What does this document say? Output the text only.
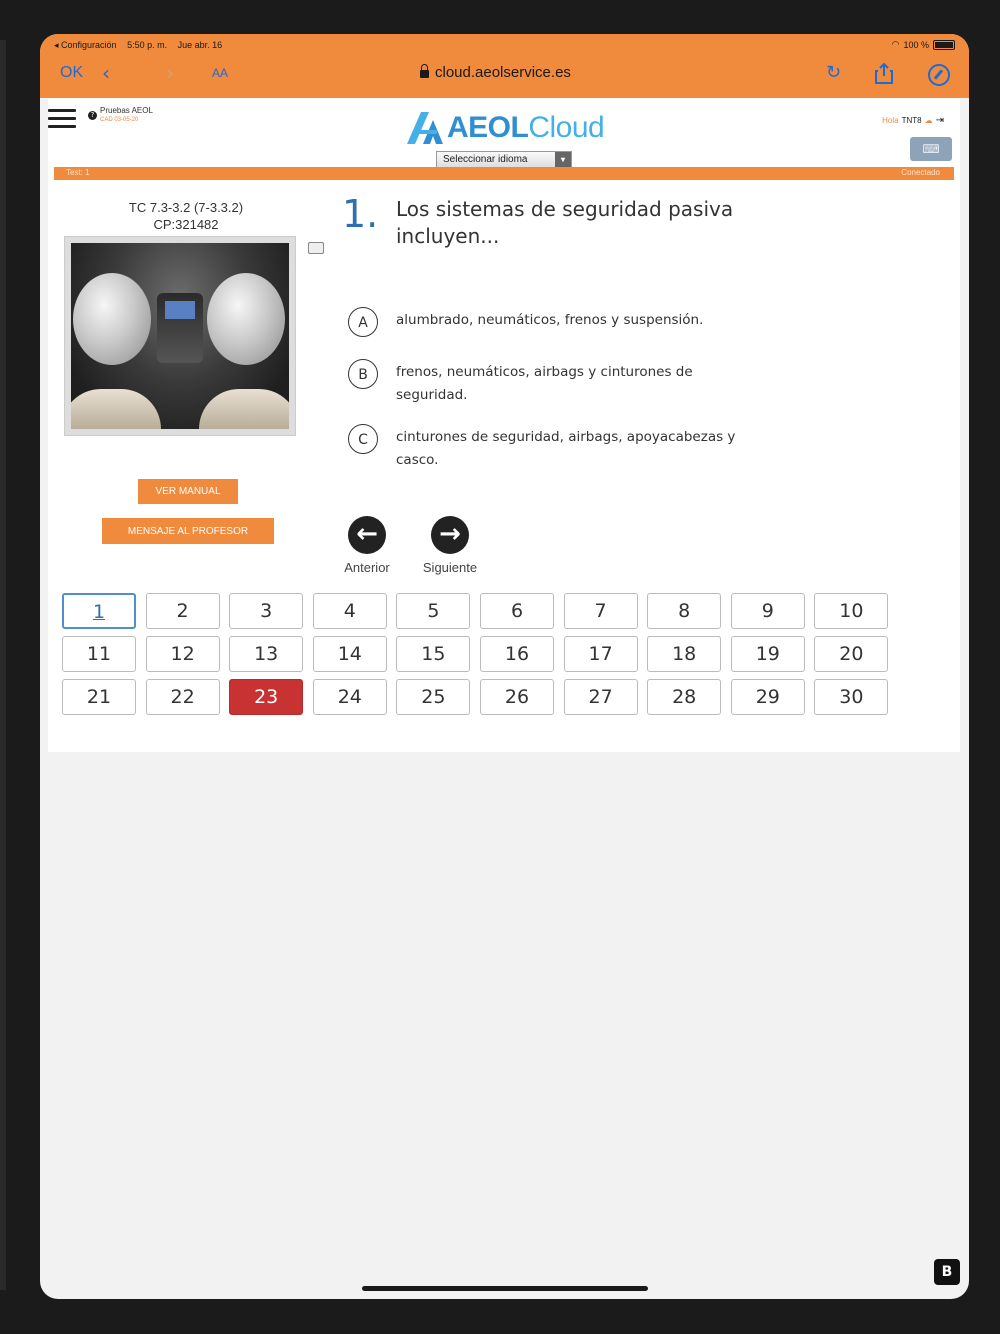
◂ Configuración 5:50 p. m. Jue abr. 16	◠ 100 %
OK ‹	›	AA	cloud.aeolservice.es	↻
? Pruebas AEOL
CAD 03-05-20	AEOL Cloud
Seleccionar idioma	▾
Hola TNT8 ☁ ⇥
⌨
Test: 1	Conectado
TC 7.3-3.2 (7-3.3.2)
CP:321482
VER MANUAL
MENSAJE AL PROFESOR
1. Los sistemas de seguridad pasiva incluyen...
A	alumbrado, neumáticos, frenos y suspensión.
B	frenos, neumáticos, airbags y cinturones de seguridad.
C	cinturones de seguridad, airbags, apoyacabezas y casco.
←
Anterior
→
Siguiente
1	2	3	4	5	6	7	8	9	10
11	12	13	14	15	16	17	18	19	20
21	22	23	24	25	26	27	28	29	30
B
